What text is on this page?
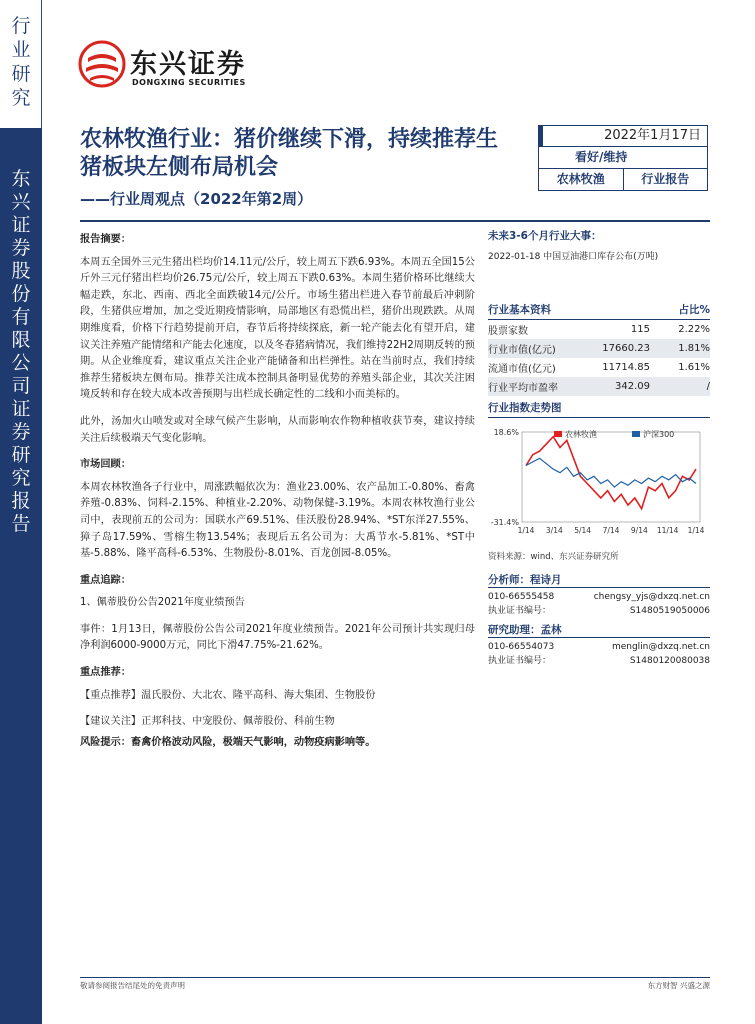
行业研究
东兴证券股份有限公司证券研究报告
东兴证券
DONGXING SECURITIES
农林牧渔行业：猪价继续下滑，持续推荐生猪板块左侧布局机会
——行业周观点（2022年第2周）
2022年1月17日
看好/维持
农林牧渔	行业报告
报告摘要：

本周五全国外三元生猪出栏均价14.11元/公斤，较上周五下跌6.93%。本周五全国15公斤外三元仔猪出栏均价26.75元/公斤，较上周五下跌0.63%。本周生猪价格环比继续大幅走跌，东北、西南、西北全面跌破14元/公斤。市场生猪出栏进入春节前最后冲刺阶段，生猪供应增加，加之受近期疫情影响，局部地区有恐慌出栏，猪价出现跌跌。从周期维度看，价格下行趋势提前开启，春节后将持续探底，新一轮产能去化有望开启，建议关注养殖产能情绪和产能去化速度，以及冬春猪病情况，我们维持22H2周期反转的预期。从企业维度看，建议重点关注企业产能储备和出栏弹性。站在当前时点，我们持续推荐生猪板块左侧布局。推荐关注成本控制具备明显优势的养殖头部企业，其次关注困境反转和存在较大成本改善预期与出栏成长确定性的二线和小而美标的。

此外，汤加火山喷发或对全球气候产生影响，从而影响农作物种植收获节奏，建议持续关注后续极端天气变化影响。

市场回顾：

本周农林牧渔各子行业中，周涨跌幅依次为：渔业23.00%、农产品加工-0.80%、畜禽养殖-0.83%、饲料-2.15%、种植业-2.20%、动物保健-3.19%。本周农林牧渔行业公司中，表现前五的公司为：国联水产69.51%、佳沃股份28.94%、*ST东洋27.55%、獐子岛17.59%、雪榕生物13.54%；表现后五名公司为：大禹节水-5.81%、*ST中基-5.88%、隆平高科-6.53%、生物股份-8.01%、百龙创园-8.05%。

重点追踪：

1、佩蒂股份公告2021年度业绩预告

事件：1月13日，佩蒂股份公告公司2021年度业绩预告。2021年公司预计共实现归母净利润6000-9000万元，同比下滑47.75%-21.62%。

重点推荐：

【重点推荐】温氏股份、大北农、隆平高科、海大集团、生物股份

【建议关注】正邦科技、中宠股份、佩蒂股份、科前生物

风险提示：畜禽价格波动风险，极端天气影响，动物疫病影响等。

未来3-6个月行业大事：
2022-01-18 中国豆油港口库存公布(万吨)
行业基本资料	占比%
股票家数	115	2.22%
行业市值(亿元)	17660.23	1.81%
流通市值(亿元)	11714.85	1.61%
行业平均市盈率	342.09	/
行业指数走势图
18.6%
-31.4%
1/14 3/14 5/14 7/14 9/14 11/14 1/14
农林牧渔	沪深300
资料来源：wind、东兴证券研究所
分析师：程诗月
010-66555458	chengsy_yjs@dxzq.net.cn
执业证书编号：	S1480519050006
研究助理：孟林
010-66554073	menglin@dxzq.net.cn
执业证书编号：	S1480120080038
敬请参阅报告结尾处的免责声明	东方财智 兴盛之源
